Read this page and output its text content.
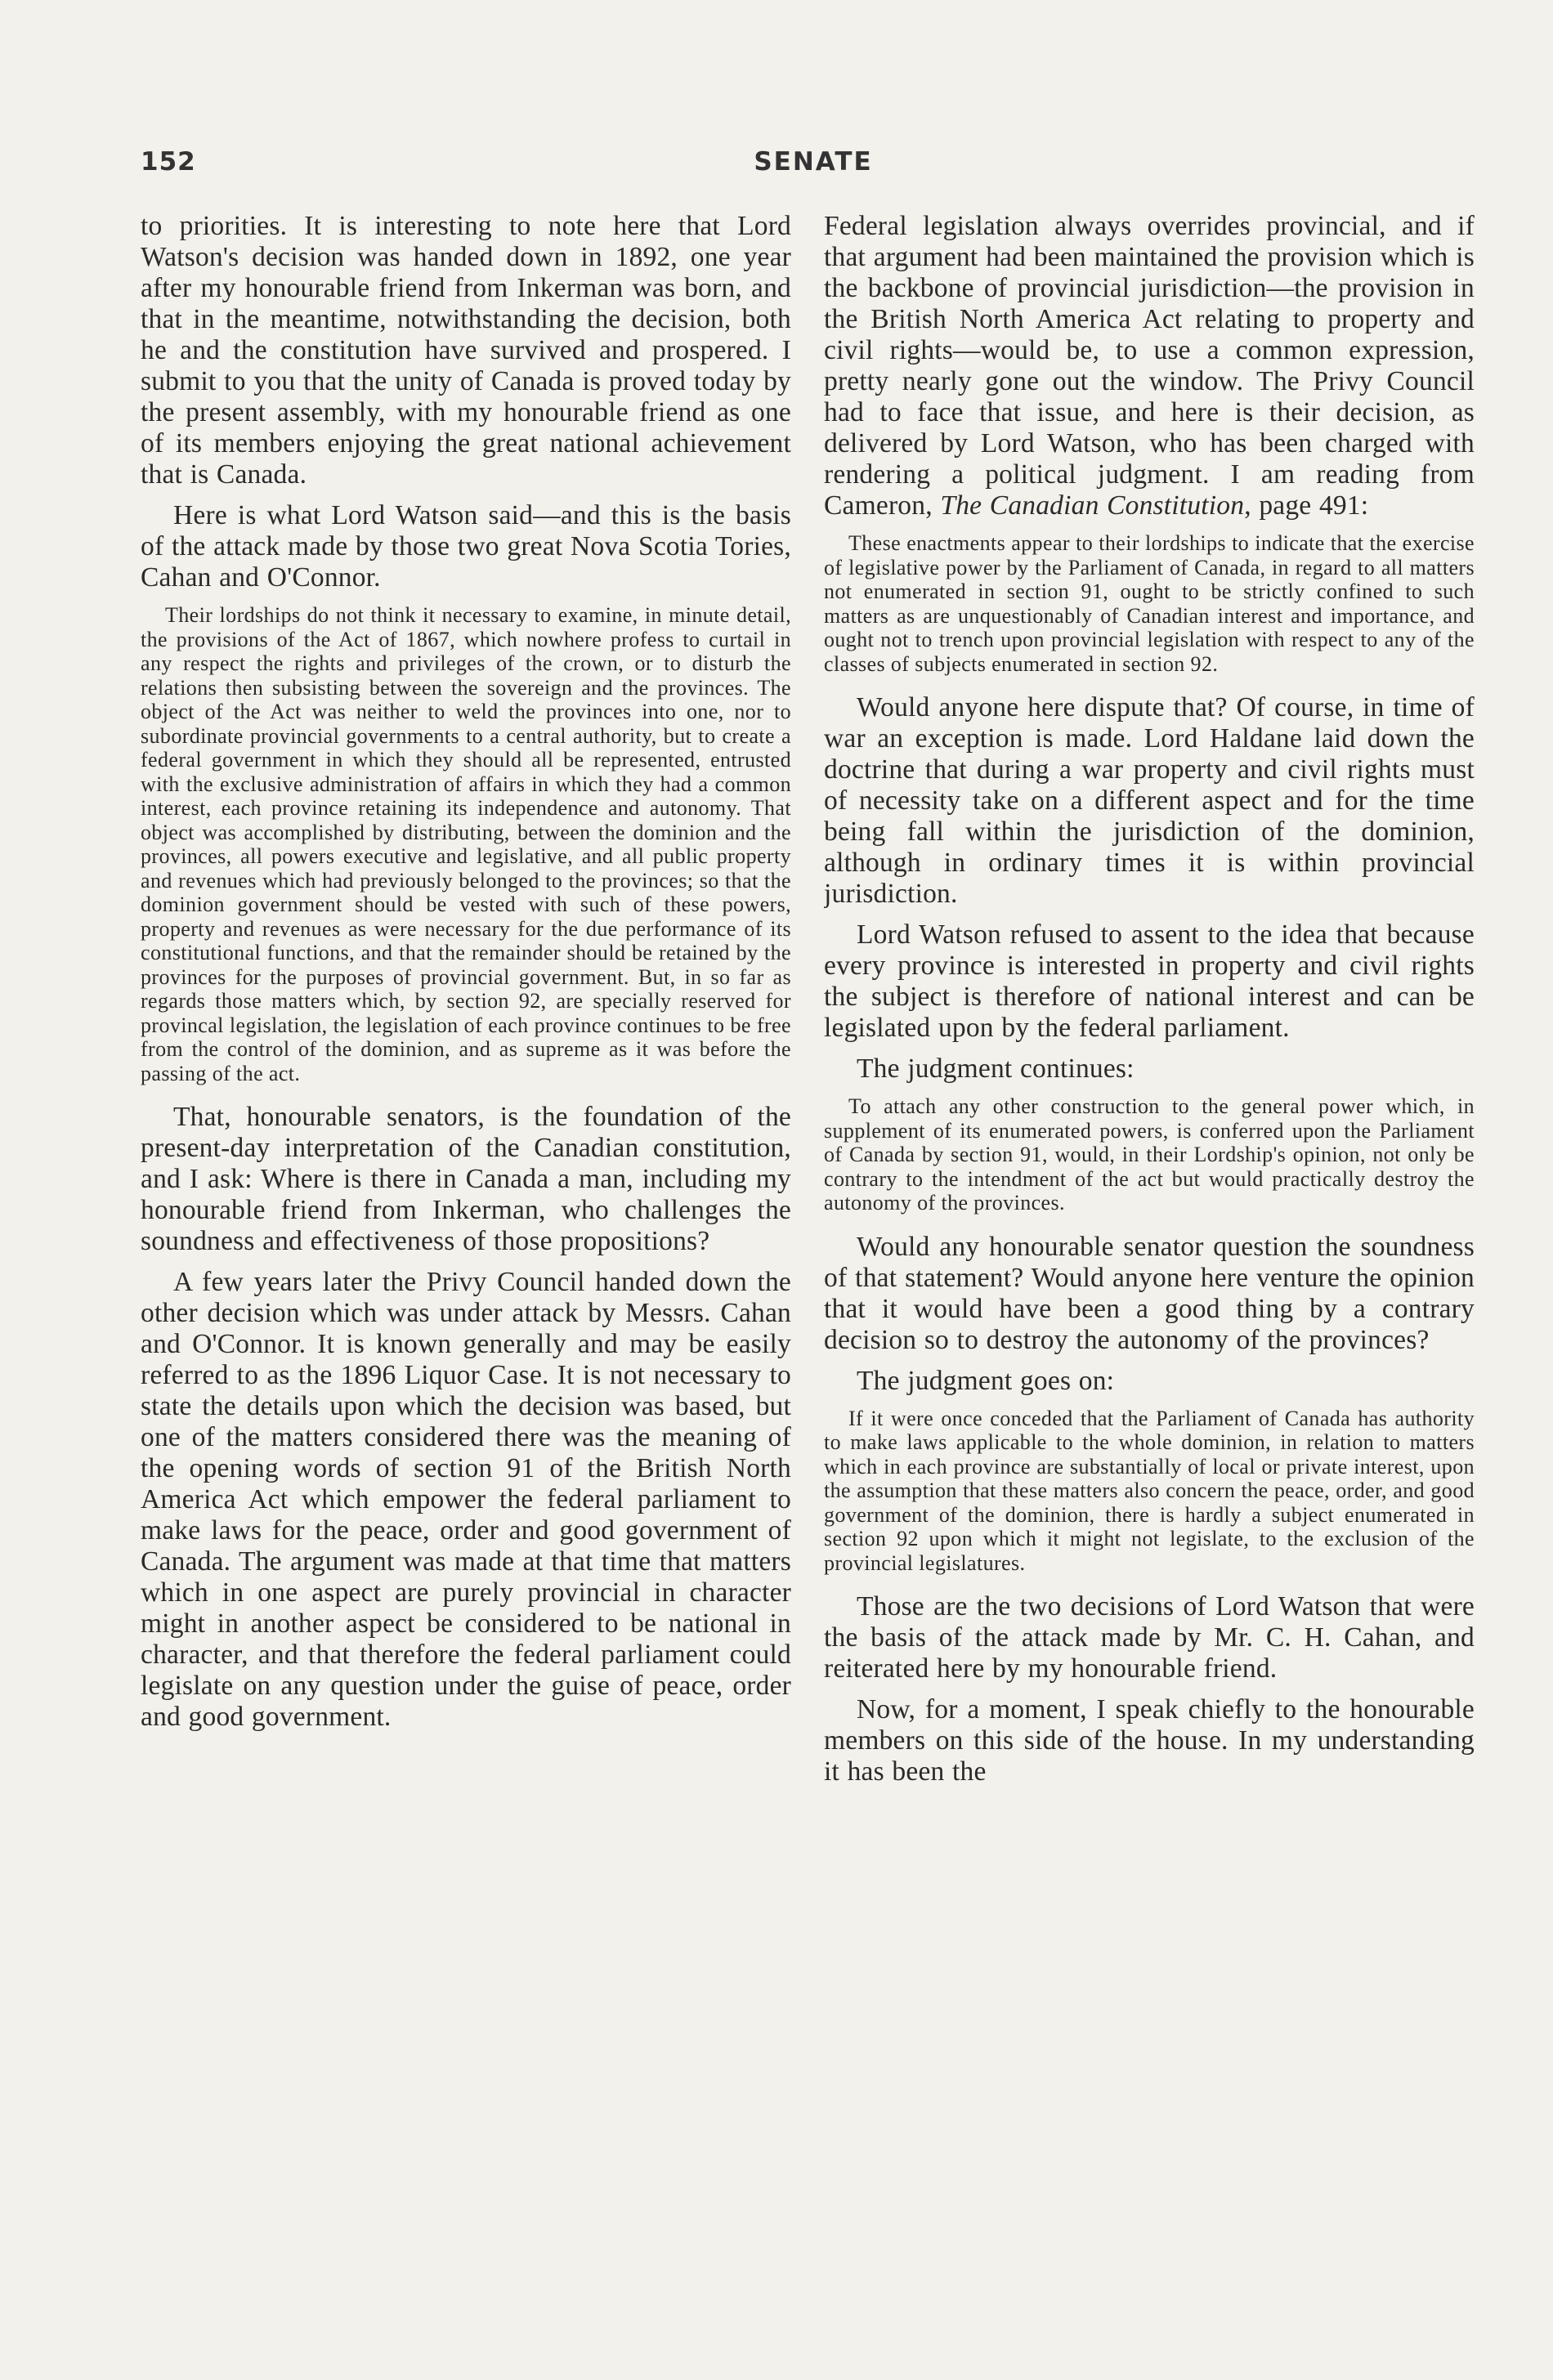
152	SENATE

to priorities. It is interesting to note here that Lord Watson's decision was handed down in 1892, one year after my honourable friend from Inkerman was born, and that in the meantime, notwithstanding the decision, both he and the constitution have survived and prospered. I submit to you that the unity of Canada is proved today by the present assembly, with my honourable friend as one of its members enjoying the great national achievement that is Canada.

Here is what Lord Watson said—and this is the basis of the attack made by those two great Nova Scotia Tories, Cahan and O'Connor.

Their lordships do not think it necessary to examine, in minute detail, the provisions of the Act of 1867, which nowhere profess to curtail in any respect the rights and privileges of the crown, or to disturb the relations then subsisting between the sovereign and the provinces. The object of the Act was neither to weld the provinces into one, nor to subordinate provincial governments to a central authority, but to create a federal government in which they should all be represented, entrusted with the exclusive administration of affairs in which they had a common interest, each province retaining its independence and autonomy. That object was accomplished by distributing, between the dominion and the provinces, all powers executive and legislative, and all public property and revenues which had previously belonged to the provinces; so that the dominion government should be vested with such of these powers, property and revenues as were necessary for the due performance of its constitutional functions, and that the remainder should be retained by the provinces for the purposes of provincial government. But, in so far as regards those matters which, by section 92, are specially reserved for provincal legislation, the legislation of each province continues to be free from the control of the dominion, and as supreme as it was before the passing of the act.

That, honourable senators, is the foundation of the present-day interpretation of the Canadian constitution, and I ask: Where is there in Canada a man, including my honourable friend from Inkerman, who challenges the soundness and effectiveness of those propositions?

A few years later the Privy Council handed down the other decision which was under attack by Messrs. Cahan and O'Connor. It is known generally and may be easily referred to as the 1896 Liquor Case. It is not necessary to state the details upon which the decision was based, but one of the matters considered there was the meaning of the opening words of section 91 of the British North America Act which empower the federal parliament to make laws for the peace, order and good government of Canada. The argument was made at that time that matters which in one aspect are purely provincial in character might in another aspect be considered to be national in character, and that therefore the federal parliament could legislate on any question under the guise of peace, order and good government.

Federal legislation always overrides provincial, and if that argument had been maintained the provision which is the backbone of provincial jurisdiction—the provision in the British North America Act relating to property and civil rights—would be, to use a common expression, pretty nearly gone out the window. The Privy Council had to face that issue, and here is their decision, as delivered by Lord Watson, who has been charged with rendering a political judgment. I am reading from Cameron, The Canadian Constitution, page 491:

These enactments appear to their lordships to indicate that the exercise of legislative power by the Parliament of Canada, in regard to all matters not enumerated in section 91, ought to be strictly confined to such matters as are unquestionably of Canadian interest and importance, and ought not to trench upon provincial legislation with respect to any of the classes of subjects enumerated in section 92.

Would anyone here dispute that? Of course, in time of war an exception is made. Lord Haldane laid down the doctrine that during a war property and civil rights must of necessity take on a different aspect and for the time being fall within the jurisdiction of the dominion, although in ordinary times it is within provincial jurisdiction.

Lord Watson refused to assent to the idea that because every province is interested in property and civil rights the subject is therefore of national interest and can be legislated upon by the federal parliament.

The judgment continues:

To attach any other construction to the general power which, in supplement of its enumerated powers, is conferred upon the Parliament of Canada by section 91, would, in their Lordship's opinion, not only be contrary to the intendment of the act but would practically destroy the autonomy of the provinces.

Would any honourable senator question the soundness of that statement? Would anyone here venture the opinion that it would have been a good thing by a contrary decision so to destroy the autonomy of the provinces?

The judgment goes on:

If it were once conceded that the Parliament of Canada has authority to make laws applicable to the whole dominion, in relation to matters which in each province are substantially of local or private interest, upon the assumption that these matters also concern the peace, order, and good government of the dominion, there is hardly a subject enumerated in section 92 upon which it might not legislate, to the exclusion of the provincial legislatures.

Those are the two decisions of Lord Watson that were the basis of the attack made by Mr. C. H. Cahan, and reiterated here by my honourable friend.

Now, for a moment, I speak chiefly to the honourable members on this side of the house. In my understanding it has been the
